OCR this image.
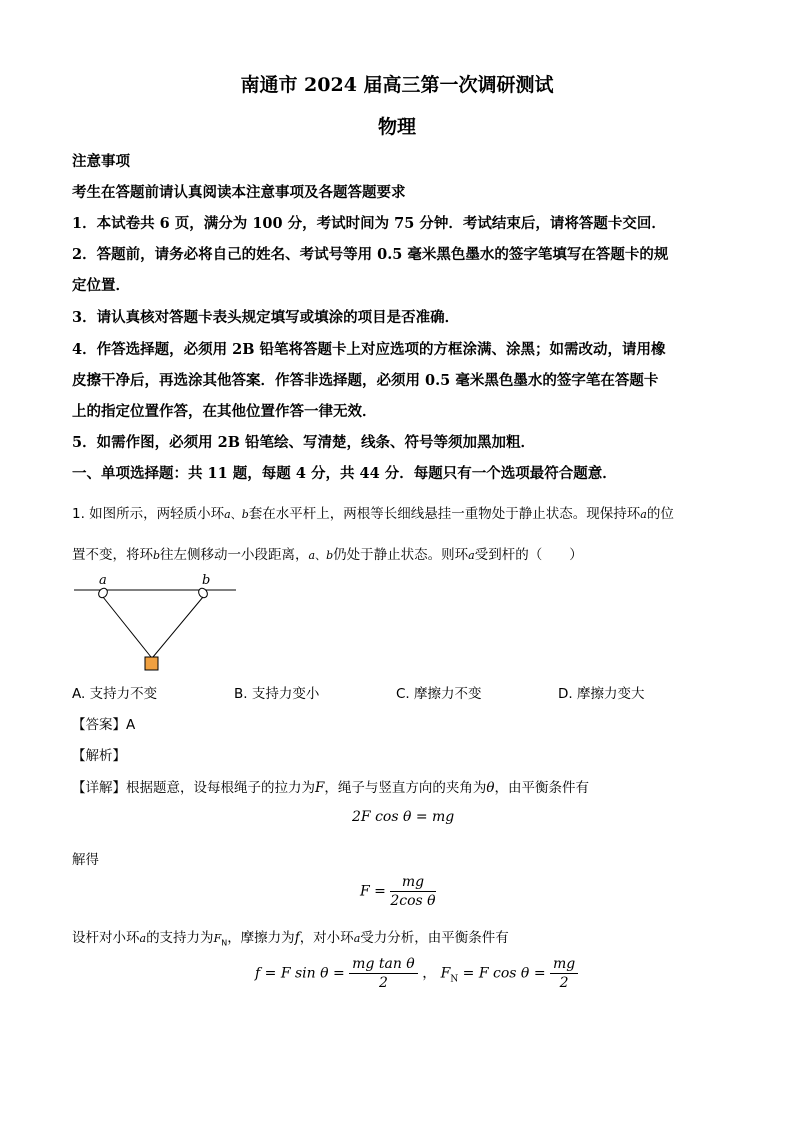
南通市 2024 届高三第一次调研测试
物理
注意事项
考生在答题前请认真阅读本注意事项及各题答题要求
1．本试卷共 6 页，满分为 100 分，考试时间为 75 分钟．考试结束后，请将答题卡交回．
2．答题前，请务必将自己的姓名、考试号等用 0.5 毫米黑色墨水的签字笔填写在答题卡的规
定位置．
3．请认真核对答题卡表头规定填写或填涂的项目是否准确．
4．作答选择题，必须用 2B 铅笔将答题卡上对应选项的方框涂满、涂黑；如需改动，请用橡
皮擦干净后，再选涂其他答案．作答非选择题，必须用 0.5 毫米黑色墨水的签字笔在答题卡
上的指定位置作答，在其他位置作答一律无效．
5．如需作图，必须用 2B 铅笔绘、写清楚，线条、符号等须加黑加粗．
一、单项选择题：共 11 题，每题 4 分，共 44 分．每题只有一个选项最符合题意．
1. 如图所示，两轻质小环a、b套在水平杆上，两根等长细线悬挂一重物处于静止状态。现保持环a的位
置不变，将环b往左侧移动一小段距离，a、b仍处于静止状态。则环a受到杆的（　　）
a	b
A. 支持力不变	B. 支持力变小	C. 摩擦力不变	D. 摩擦力变大
【答案】A
【解析】
【详解】根据题意，设每根绳子的拉力为F，绳子与竖直方向的夹角为θ，由平衡条件有
2F cos θ = mg
解得
$F = \frac{mg}{\text{2cos θ}}$
设杆对小环a的支持力为$F_N$，摩擦力为f，对小环a受力分析，由平衡条件有
f = F $\sin \theta = \frac{\text{mg tan θ}}{2}$ ， $F_N = F$ $\cos \theta = \frac{mg}{2}$
